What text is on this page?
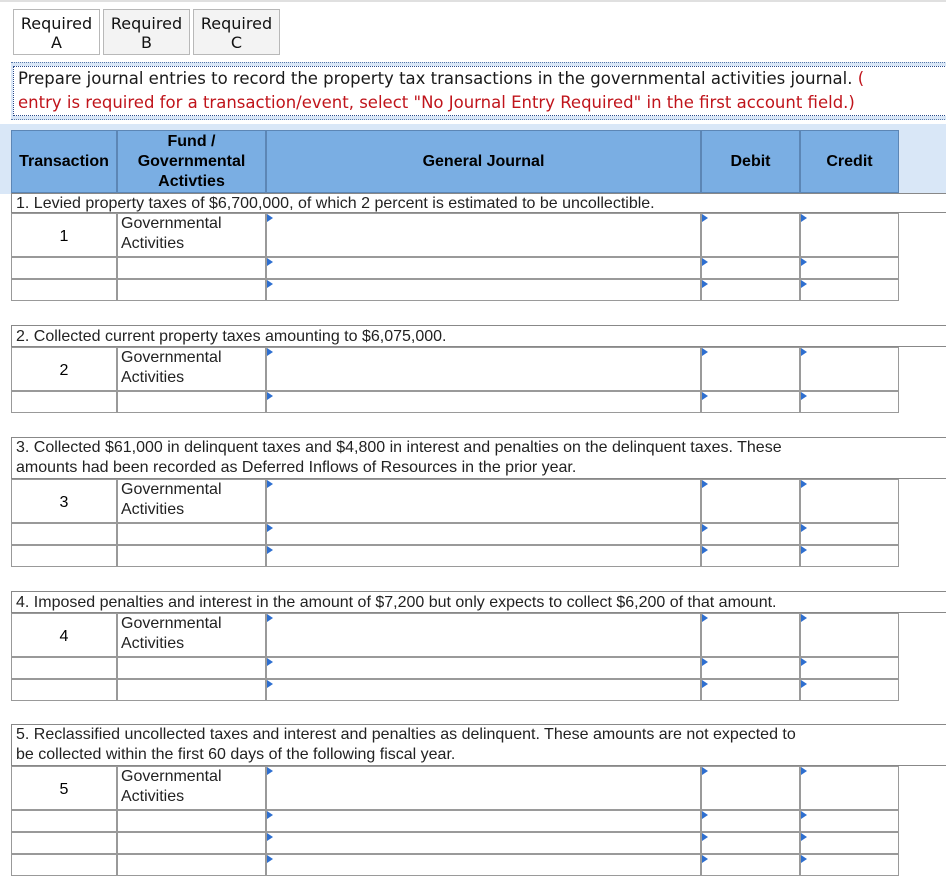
Required
A
Required
B
Required
C
Prepare journal entries to record the property tax transactions in the governmental activities journal. (
entry is required for a transaction/event, select "No Journal Entry Required" in the first account field.)
Transaction
Fund /
Governmental
Activties
General Journal	Debit	Credit
1. Levied property taxes of $6,700,000, of which 2 percent is estimated to be uncollectible.
1
Governmental
Activities
2. Collected current property taxes amounting to $6,075,000.
2
Governmental
Activities
3. Collected $61,000 in delinquent taxes and $4,800 in interest and penalties on the delinquent taxes. These
amounts had been recorded as Deferred Inflows of Resources in the prior year.
3
Governmental
Activities
4. Imposed penalties and interest in the amount of $7,200 but only expects to collect $6,200 of that amount.
4
Governmental
Activities
5. Reclassified uncollected taxes and interest and penalties as delinquent. These amounts are not expected to
be collected within the first 60 days of the following fiscal year.
5
Governmental
Activities
